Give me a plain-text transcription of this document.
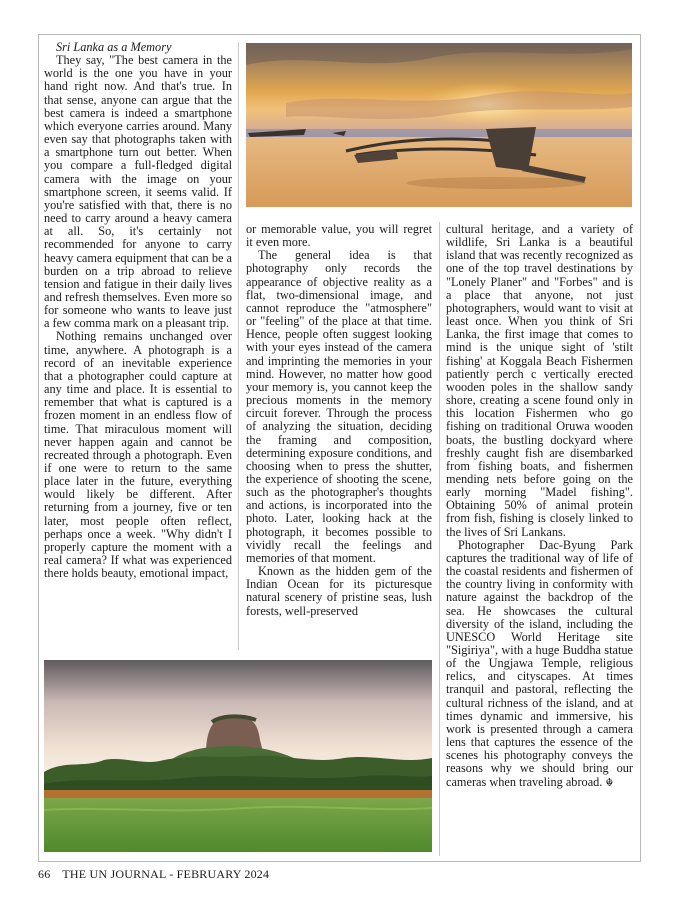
Sri Lanka as a Memory

They say, "The best camera in the world is the one you have in your hand right now. And that's true. In that sense, anyone can argue that the best camera is indeed a smartphone which everyone carries around. Many even say that photographs taken with a smartphone turn out better. When you compare a full-fledged digital camera with the image on your smartphone screen, it seems valid. If you're satisfied with that, there is no need to carry around a heavy camera at all. So, it's certainly not recommended for anyone to carry heavy camera equipment that can be a burden on a trip abroad to relieve tension and fatigue in their daily lives and refresh themselves. Even more so for someone who wants to leave just a few comma mark on a pleasant trip.

Nothing remains unchanged over time, anywhere. A photograph is a record of an inevitable experience that a photographer could capture at any time and place. It is essential to remember that what is captured is a frozen moment in an endless flow of time. That miraculous moment will never happen again and cannot be recreated through a photograph. Even if one were to return to the same place later in the future, everything would likely be different. After returning from a journey, five or ten later, most people often reflect, perhaps once a week. "Why didn't I properly capture the moment with a real camera? If what was experienced there holds beauty, emotional impact,

or memorable value, you will regret it even more.

The general idea is that photography only records the appearance of objective reality as a flat, two-dimensional image, and cannot reproduce the "atmosphere" or "feeling" of the place at that time. Hence, people often suggest looking with your eyes instead of the camera and imprinting the memories in your mind. However, no matter how good your memory is, you cannot keep the precious moments in the memory circuit forever. Through the process of analyzing the situation, deciding the framing and composition, determining exposure conditions, and choosing when to press the shutter, the experience of shooting the scene, such as the photographer's thoughts and actions, is incorporated into the photo. Later, looking hack at the photograph, it becomes possible to vividly recall the feelings and memories of that moment.

Known as the hidden gem of the Indian Ocean for its picturesque natural scenery of pristine seas, lush forests, well-preserved

cultural heritage, and a variety of wildlife, Sri Lanka is a beautiful island that was recently recognized as one of the top travel destinations by "Lonely Planer" and "Forbes" and is a place that anyone, not just photographers, would want to visit at least once. When you think of Sri Lanka, the first image that comes to mind is the unique sight of 'stilt fishing' at Koggala Beach Fishermen patiently perch c vertically erected wooden poles in the shallow sandy shore, creating a scene found only in this location Fishermen who go fishing on traditional Oruwa wooden boats, the bustling dockyard where freshly caught fish are disembarked from fishing boats, and fishermen mending nets before going on the early morning "Madel fishing". Obtaining 50% of animal protein from fish, fishing is closely linked to the lives of Sri Lankans.

Photographer Dac-Byung Park captures the traditional way of life of the coastal residents and fishermen of the country living in conformity with nature against the backdrop of the sea. He showcases the cultural diversity of the island, including the UNESCO World Heritage site "Sigiriya", with a huge Buddha statue of the Ungjawa Temple, religious relics, and cityscapes. At times tranquil and pastoral, reflecting the cultural richness of the island, and at times dynamic and immersive, his work is presented through a camera lens that captures the essence of the scenes his photography conveys the reasons why we should bring our cameras when traveling abroad. ☬

66 THE UN JOURNAL - FEBRUARY 2024
